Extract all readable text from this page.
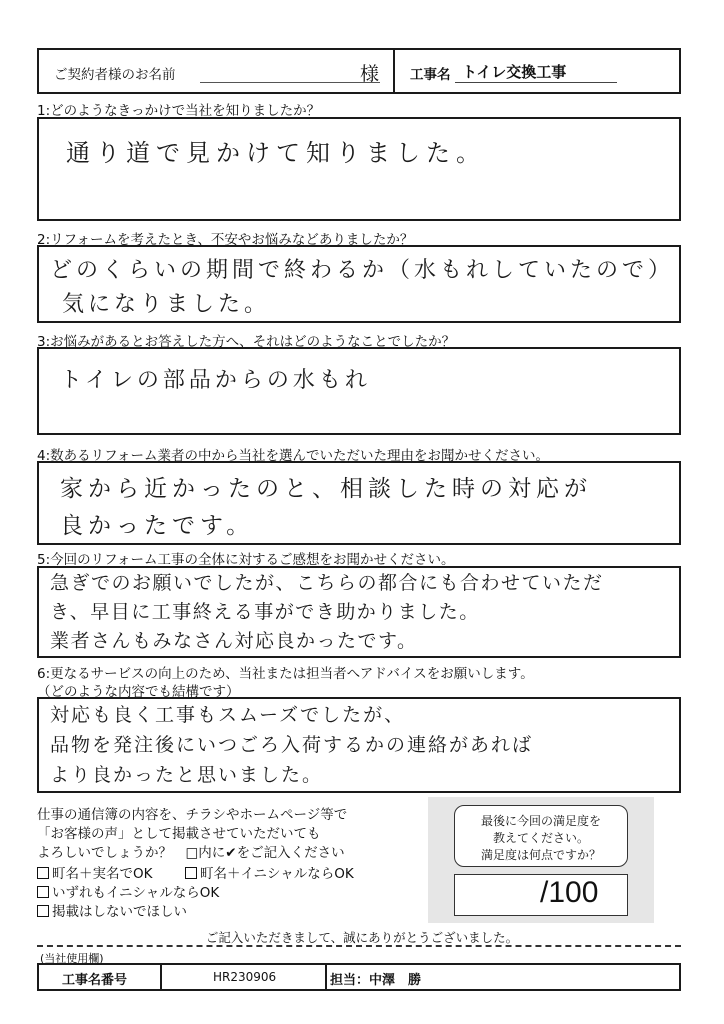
ご契約者様のお名前	様 工事名 トイレ交換工事
1:どのようなきっかけで当社を知りましたか？
通り道で見かけて知りました。
2:リフォームを考えたとき、不安やお悩みなどありましたか？
どのくらいの期間で終わるか（水もれしていたので）
気になりました。
3:お悩みがあるとお答えした方へ、それはどのようなことでしたか？
トイレの部品からの水もれ
4:数あるリフォーム業者の中から当社を選んでいただいた理由をお聞かせください。
家から近かったのと、相談した時の対応が
良かったです。
5:今回のリフォーム工事の全体に対するご感想をお聞かせください。
急ぎでのお願いでしたが、こちらの都合にも合わせていただ
き、早目に工事終える事ができ助かりました。
業者さんもみなさん対応良かったです。
6:更なるサービスの向上のため、当社または担当者へアドバイスをお願いします。
（どのような内容でも結構です）
対応も良く工事もスムーズでしたが、
品物を発注後にいつごろ入荷するかの連絡があれば
より良かったと思いました。
仕事の通信簿の内容を、チラシやホームページ等で
「お客様の声」として掲載させていただいても
よろしいでしょうか？　□内に✔をご記入ください
町名＋実名でOK	町名＋イニシャルならOK
いずれもイニシャルならOK
掲載はしないでほしい
最後に今回の満足度を
教えてください。
満足度は何点ですか？
/100
ご記入いただきまして、誠にありがとうございました。
(当社使用欄)
工事名番号	HR230906	担当：中澤　勝
